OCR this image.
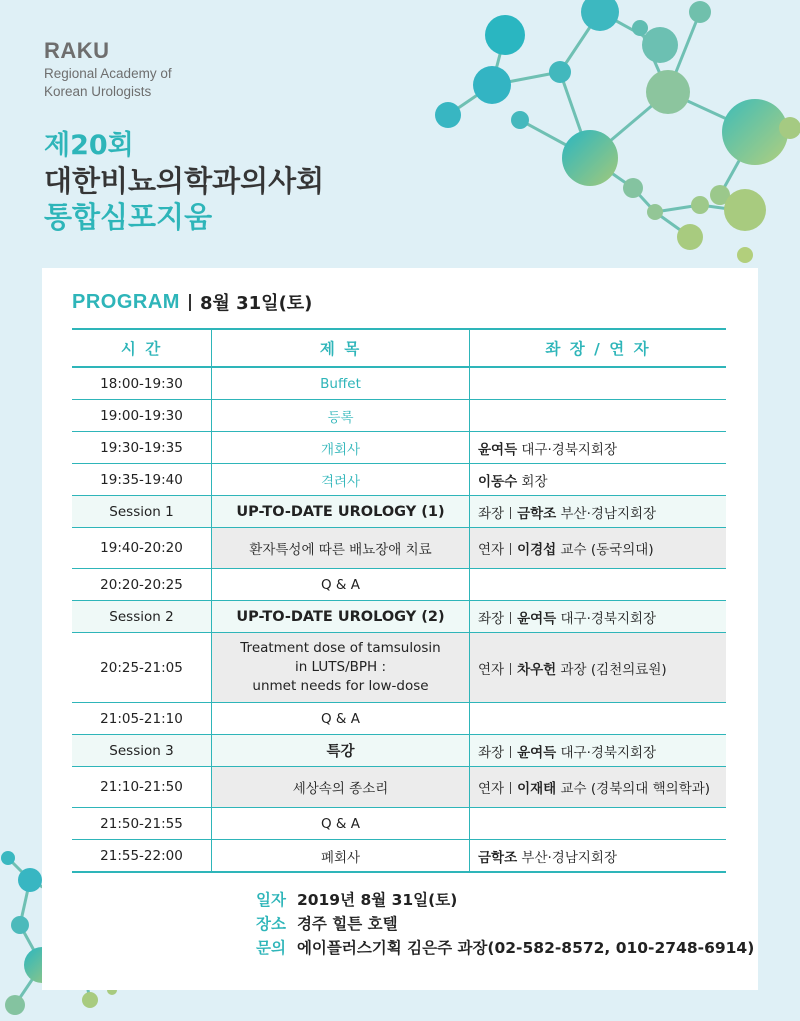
RAKU
Regional Academy of
Korean Urologists
제20회
대한비뇨의학과의사회
통합심포지움
PROGRAM 8월 31일(토)
시 간	제 목	좌 장 / 연 자
18:00-19:30	Buffet	
19:00-19:30	등록	
19:30-19:35	개회사	윤여득 대구·경북지회장
19:35-19:40	격려사	이동수 회장
Session 1	UP-TO-DATE UROLOGY (1)	좌장 금학조 부산·경남지회장
19:40-20:20	환자특성에 따른 배뇨장애 치료	연자 이경섭 교수 (동국의대)
20:20-20:25	Q & A	
Session 2	UP-TO-DATE UROLOGY (2)	좌장 윤여득 대구·경북지회장
20:25-21:05	Treatment dose of tamsulosin
in LUTS/BPH :
unmet needs for low-dose	연자 차우헌 과장 (김천의료원)
21:05-21:10	Q & A	
Session 3	특강	좌장 윤여득 대구·경북지회장
21:10-21:50	세상속의 종소리	연자 이재태 교수 (경북의대 핵의학과)
21:50-21:55	Q & A	
21:55-22:00	폐회사	금학조 부산·경남지회장
일자 2019년 8월 31일(토)
장소 경주 힐튼 호텔
문의 에이플러스기획 김은주 과장(02-582-8572, 010-2748-6914)
